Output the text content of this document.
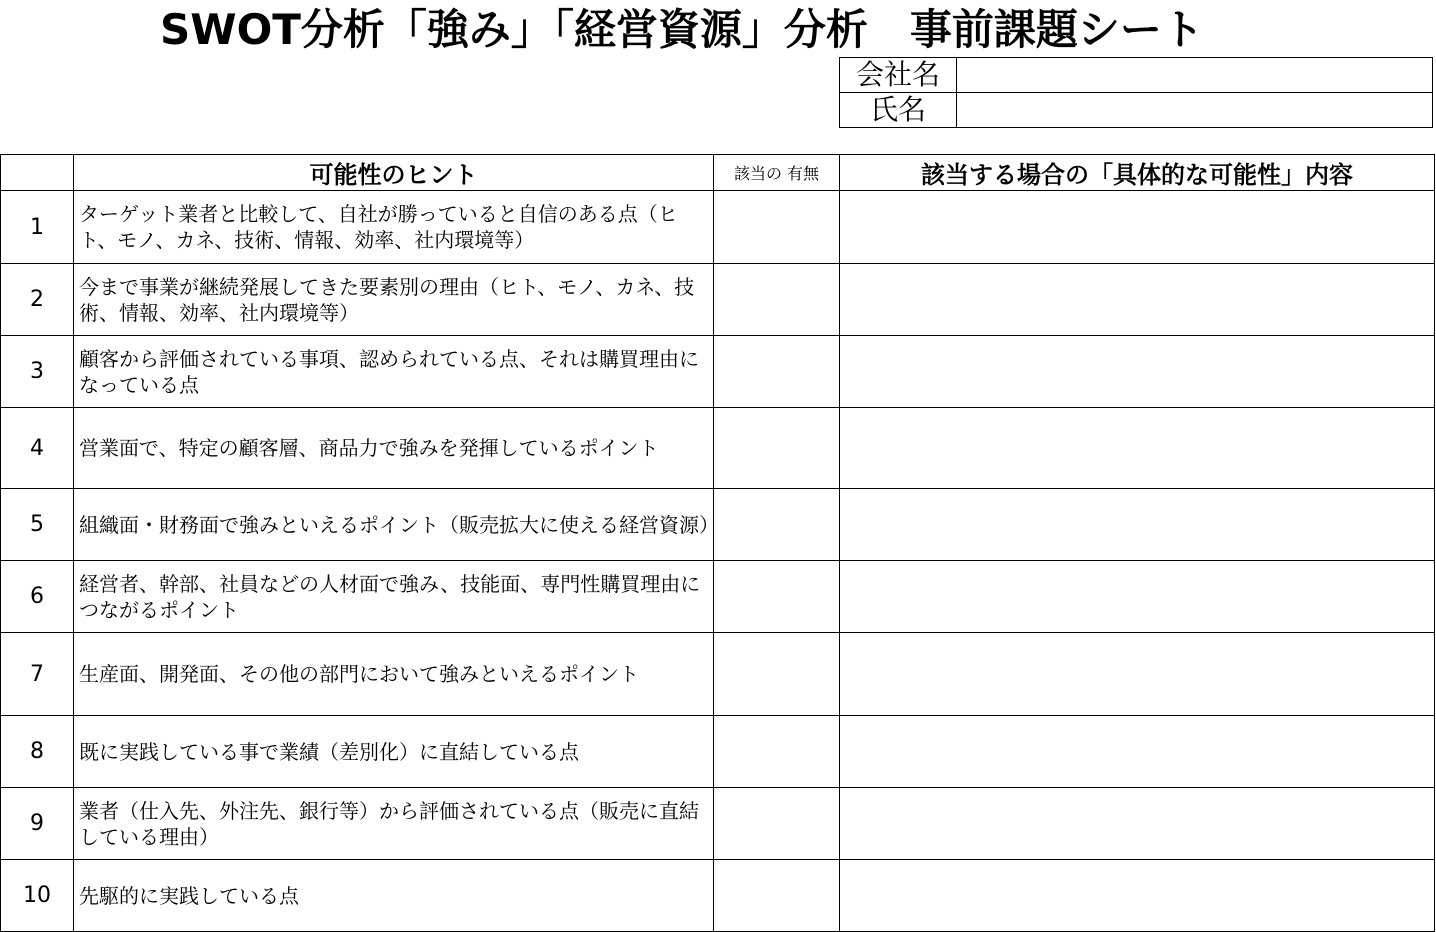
SWOT分析「強み」「経営資源」分析　事前課題シート
会社名	
氏名	
	可能性のヒント	該当の 有無	該当する場合の「具体的な可能性」内容
1	ターゲット業者と比較して、自社が勝っていると自信のある点（ヒト、モノ、カネ、技術、情報、効率、社内環境等）		
2	今まで事業が継続発展してきた要素別の理由（ヒト、モノ、カネ、技術、情報、効率、社内環境等）		
3	顧客から評価されている事項、認められている点、それは購買理由になっている点		
4	営業面で、特定の顧客層、商品力で強みを発揮しているポイント		
5	組織面・財務面で強みといえるポイント（販売拡大に使える経営資源）		
6	経営者、幹部、社員などの人材面で強み、技能面、専門性購買理由につながるポイント		
7	生産面、開発面、その他の部門において強みといえるポイント		
8	既に実践している事で業績（差別化）に直結している点		
9	業者（仕入先、外注先、銀行等）から評価されている点（販売に直結している理由）		
10	先駆的に実践している点		
